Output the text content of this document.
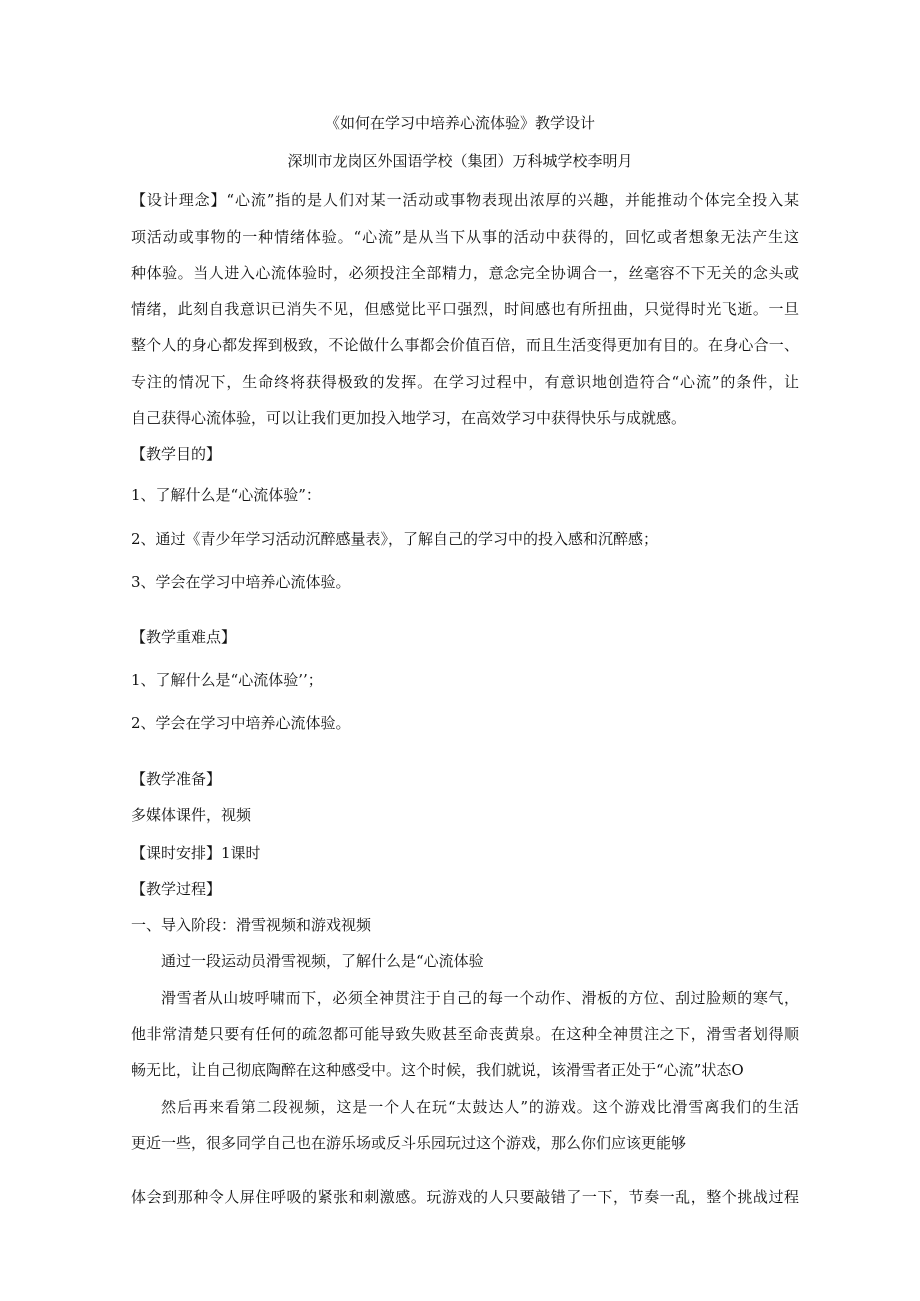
《如何在学习中培养心流体验》教学设计
深圳市龙岗区外国语学校（集团）万科城学校李明月
【设计理念】“心流”指的是人们对某一活动或事物表现出浓厚的兴趣，并能推动个体完全投入某
项活动或事物的一种情绪体验。“心流”是从当下从事的活动中获得的，回忆或者想象无法产生这
种体验。当人进入心流体验时，必须投注全部精力，意念完全协调合一，丝毫容不下无关的念头或
情绪，此刻自我意识已消失不见，但感觉比平口强烈，时间感也有所扭曲，只觉得时光飞逝。一旦
整个人的身心都发挥到极致，不论做什么事都会价值百倍，而且生活变得更加有目的。在身心合一、
专注的情况下，生命终将获得极致的发挥。在学习过程中，有意识地创造符合“心流”的条件，让
自己获得心流体验，可以让我们更加投入地学习，在高效学习中获得快乐与成就感。
【教学目的】
1、了解什么是“心流体验”：
2、通过《青少年学习活动沉醉感量表》，了解自己的学习中的投入感和沉醉感；
3、学会在学习中培养心流体验。
【教学重难点】
1、了解什么是“心流体验’’；
2、学会在学习中培养心流体验。
【教学准备】
多媒体课件，视频
【课时安排】1课时
【教学过程】
一、导入阶段：滑雪视频和游戏视频
通过一段运动员滑雪视频，了解什么是“心流体验
滑雪者从山坡呼啸而下，必须全神贯注于自己的每一个动作、滑板的方位、刮过脸颊的寒气，
他非常清楚只要有任何的疏忽都可能导致失败甚至命丧黄泉。在这种全神贯注之下，滑雪者划得顺
畅无比，让自己彻底陶醉在这种感受中。这个时候，我们就说，该滑雪者正处于“心流”状态O
然后再来看第二段视频，这是一个人在玩“太鼓达人”的游戏。这个游戏比滑雪离我们的生活
更近一些，很多同学自己也在游乐场或反斗乐园玩过这个游戏，那么你们应该更能够
体会到那种令人屏住呼吸的紧张和刺激感。玩游戏的人只要敲错了一下，节奏一乱，整个挑战过程
